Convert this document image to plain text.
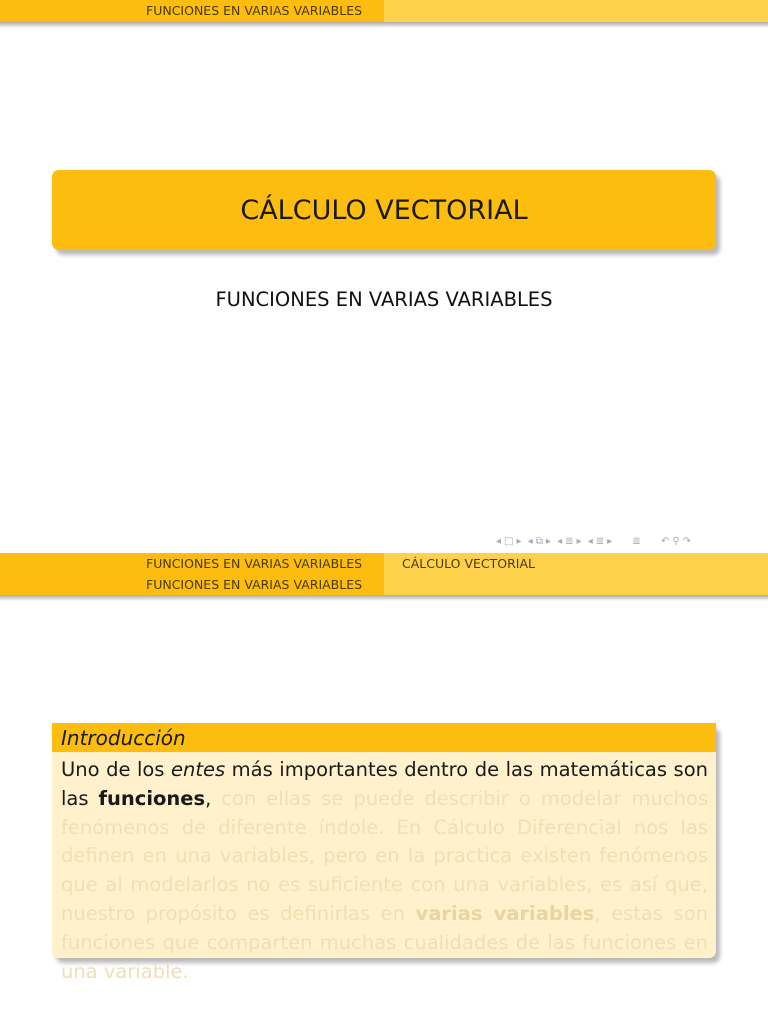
FUNCIONES EN VARIAS VARIABLES
CÁLCULO VECTORIAL
FUNCIONES EN VARIAS VARIABLES
◂ □ ▸ ◂ ⧉ ▸ ◂ ≣ ▸ ◂ ≣ ▸ ≣ ↶ ⚲ ↷
FUNCIONES EN VARIAS VARIABLES
FUNCIONES EN VARIAS VARIABLES
CÁLCULO VECTORIAL
Introducción
Uno de los entes más importantes dentro de las matemáticas son las funciones, con ellas se puede describir o modelar muchos fenómenos de diferente índole. En Cálculo Diferencial nos las definen en una variables, pero en la practica existen fenómenos que al modelarlos no es suficiente con una variables, es así que, nuestro propósito es definirlas en varias variables, estas son funciones que comparten muchas cualidades de las funciones en una variable.
